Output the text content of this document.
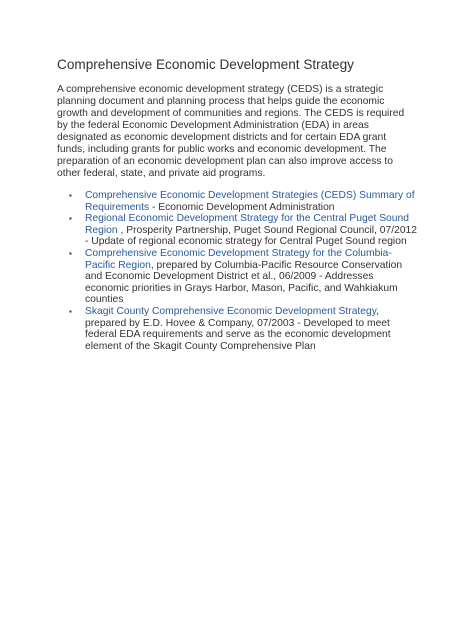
Comprehensive Economic Development Strategy

A comprehensive economic development strategy (CEDS) is a strategic planning document and planning process that helps guide the economic growth and development of communities and regions. The CEDS is required by the federal Economic Development Administration (EDA) in areas designated as economic development districts and for certain EDA grant funds, including grants for public works and economic development. The preparation of an economic development plan can also improve access to other federal, state, and private aid programs.

▪ Comprehensive Economic Development Strategies (CEDS) Summary of Requirements - Economic Development Administration
▪ Regional Economic Development Strategy for the Central Puget Sound Region , Prosperity Partnership, Puget Sound Regional Council, 07/2012 - Update of regional economic strategy for Central Puget Sound region
▪ Comprehensive Economic Development Strategy for the Columbia-Pacific Region, prepared by Columbia-Pacific Resource Conservation and Economic Development District et al., 06/2009 - Addresses economic priorities in Grays Harbor, Mason, Pacific, and Wahkiakum counties
▪ Skagit County Comprehensive Economic Development Strategy, prepared by E.D. Hovee & Company, 07/2003 - Developed to meet federal EDA requirements and serve as the economic development element of the Skagit County Comprehensive Plan
